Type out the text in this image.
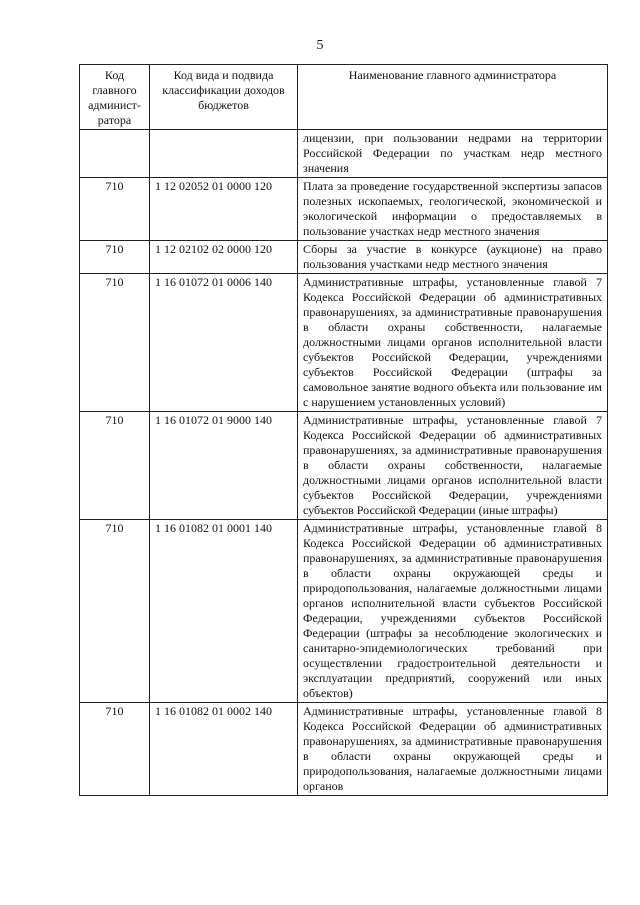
5
Код главного админист-ратора	Код вида и подвида классификации доходов бюджетов	Наименование главного администратора
		лицензии, при пользовании недрами на территории Российской Федерации по участкам недр местного значения
710	1 12 02052 01 0000 120	Плата за проведение государственной экспертизы запасов полезных ископаемых, геологической, экономической и экологической информации о предоставляемых в пользование участках недр местного значения
710	1 12 02102 02 0000 120	Сборы за участие в конкурсе (аукционе) на право пользования участками недр местного значения
710	1 16 01072 01 0006 140	Административные штрафы, установленные главой 7 Кодекса Российской Федерации об административных правонарушениях, за административные правонарушения в области охраны собственности, налагаемые должностными лицами органов исполнительной власти субъектов Российской Федерации, учреждениями субъектов Российской Федерации (штрафы за самовольное занятие водного объекта или пользование им с нарушением установленных условий)
710	1 16 01072 01 9000 140	Административные штрафы, установленные главой 7 Кодекса Российской Федерации об административных правонарушениях, за административные правонарушения в области охраны собственности, налагаемые должностными лицами органов исполнительной власти субъектов Российской Федерации, учреждениями субъектов Российской Федерации (иные штрафы)
710	1 16 01082 01 0001 140	Административные штрафы, установленные главой 8 Кодекса Российской Федерации об административных правонарушениях, за административные правонарушения в области охраны окружающей среды и природопользования, налагаемые должностными лицами органов исполнительной власти субъектов Российской Федерации, учреждениями субъектов Российской Федерации (штрафы за несоблюдение экологических и санитарно-эпидемиологических требований при осуществлении градостроительной деятельности и эксплуатации предприятий, сооружений или иных объектов)
710	1 16 01082 01 0002 140	Административные штрафы, установленные главой 8 Кодекса Российской Федерации об административных правонарушениях, за административные правонарушения в области охраны окружающей среды и природопользования, налагаемые должностными лицами органов
